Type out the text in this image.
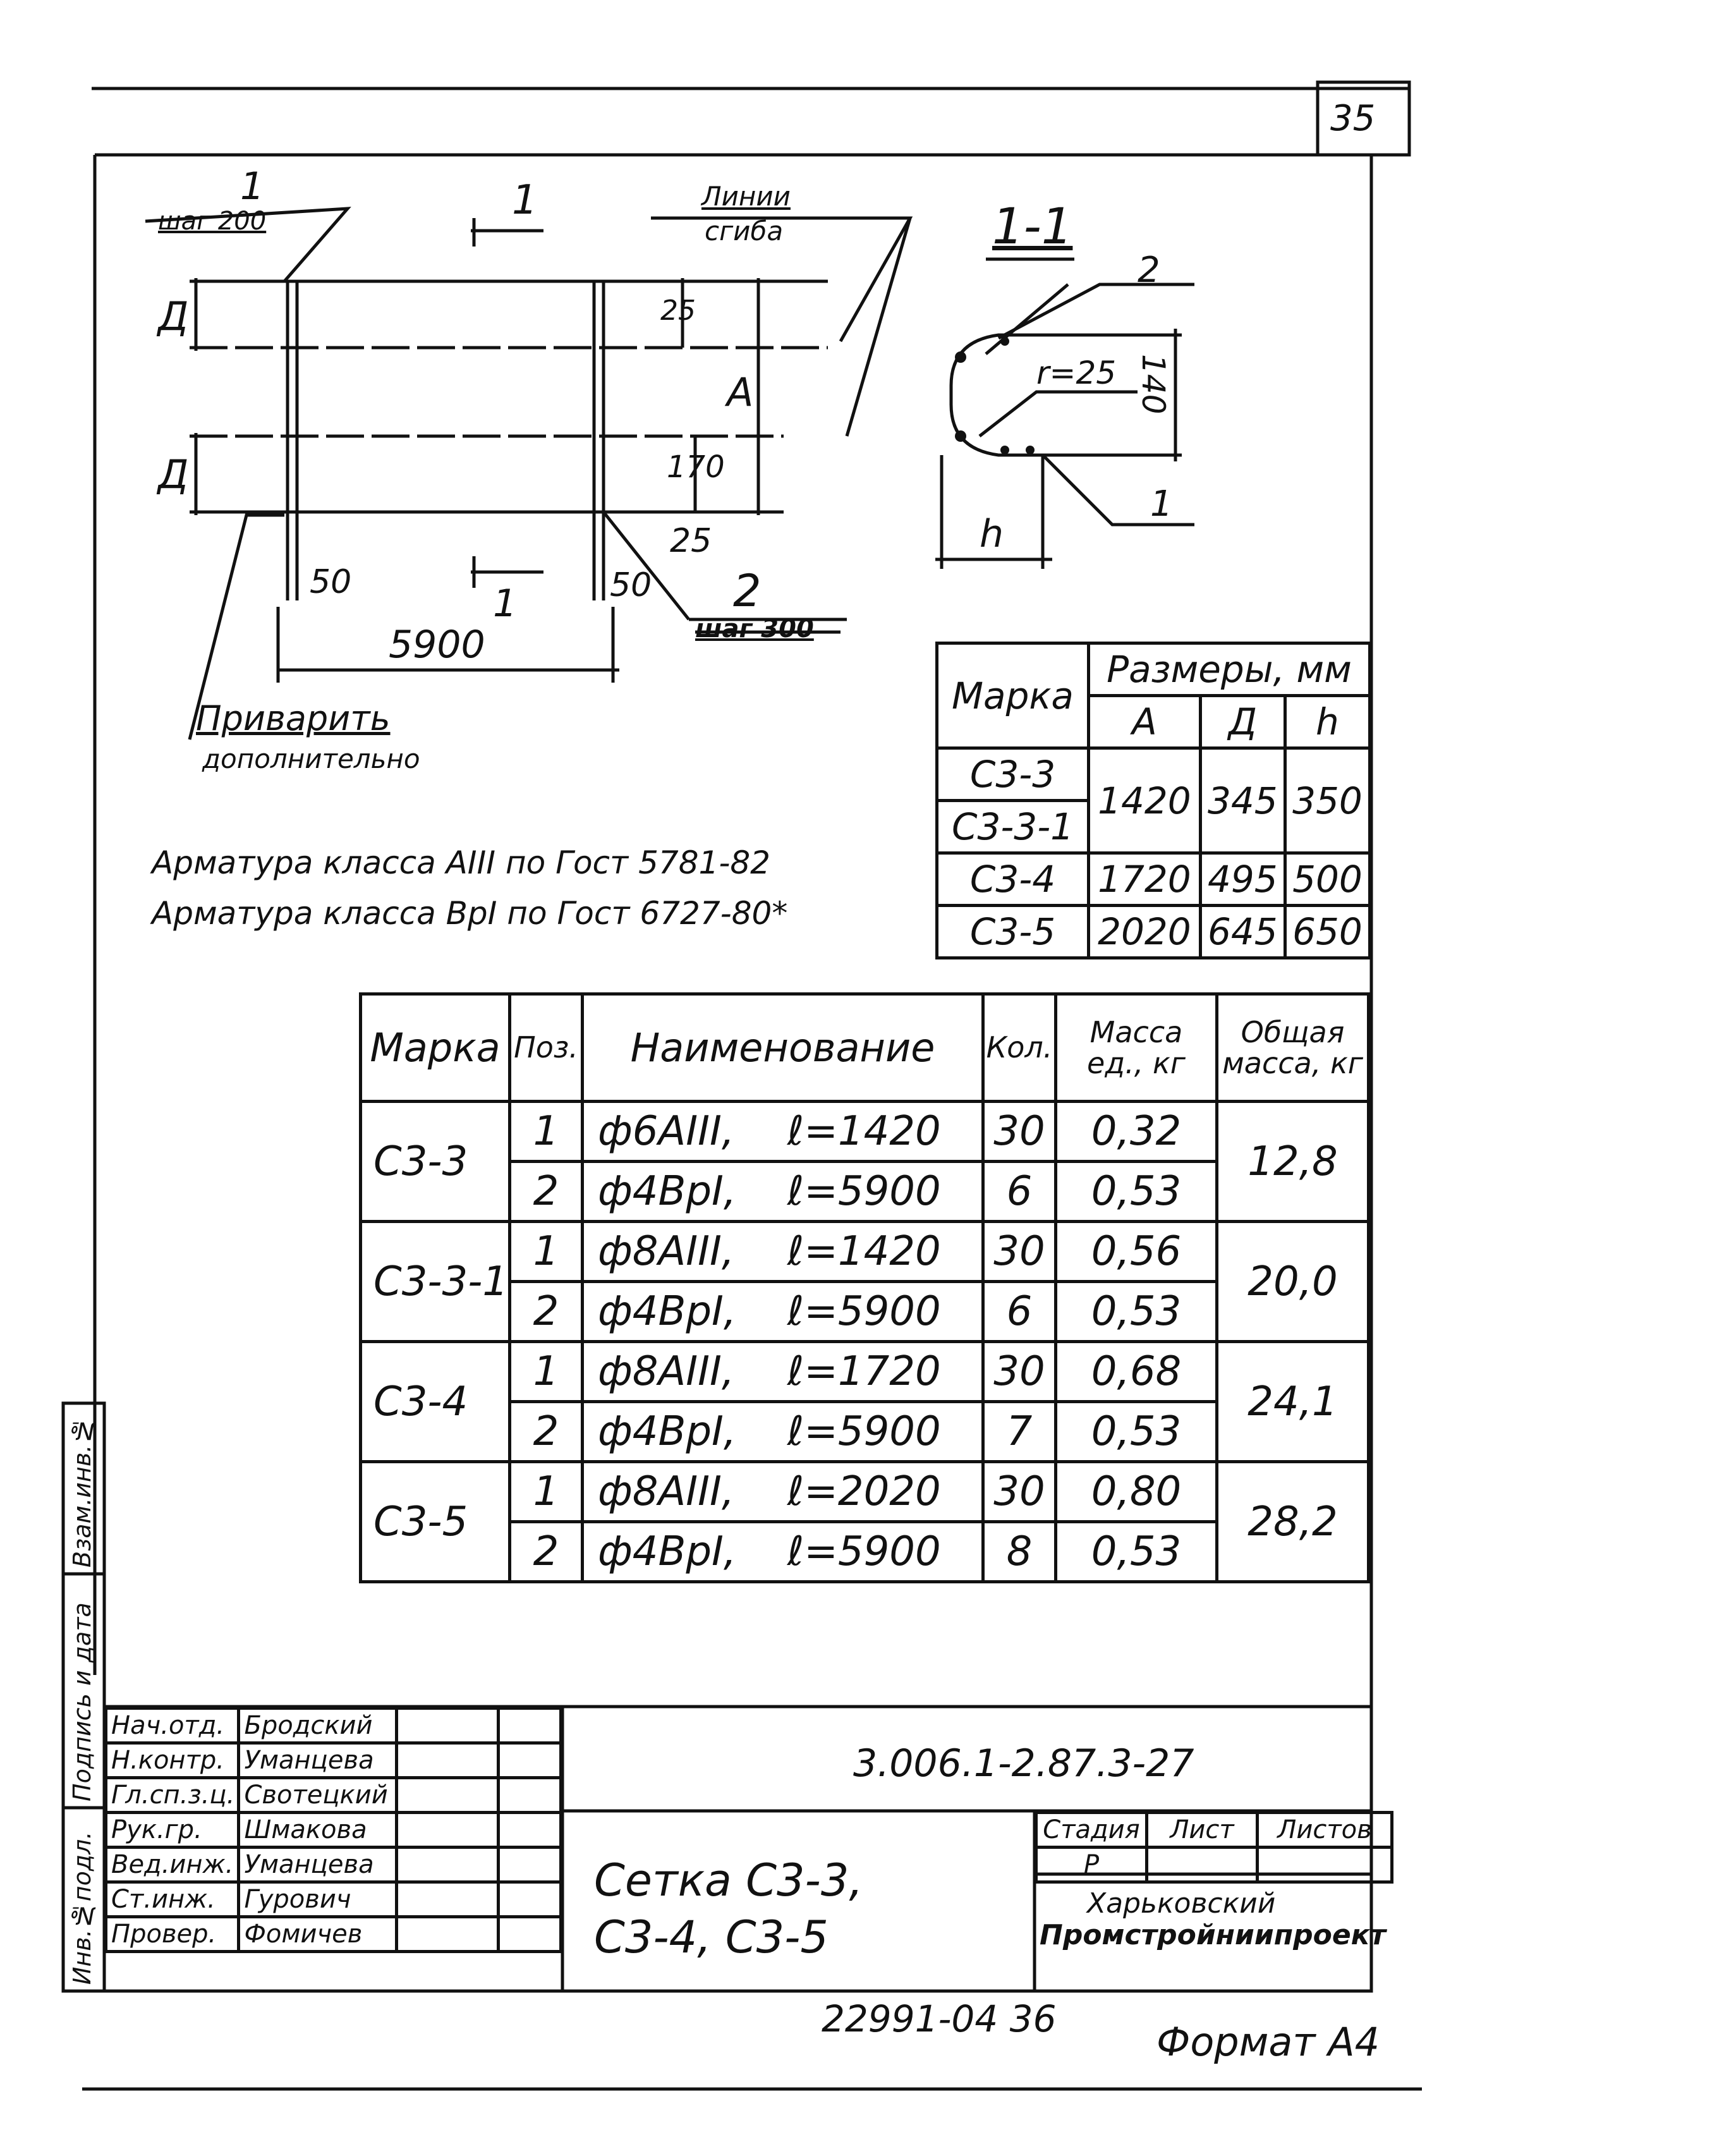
35
1
шаг 200	1	Линии
сгиба	1-1
Д
Д
А
25
170
25
50	50
1
5900
2
шаг 300
Приварить
дополнительно
2
r=25 140
1
h
Арматура класса АIII по Гост 5781-82
Арматура класса ВрI по Гост 6727-80*
Марка	Размеры, мм		
	А	Д	h
С3-3	1420	345	350
С3-3-1			
С3-4	1720	495	500
С3-5	2020	645	650
Марка	Поз.	Наименование		Кол.	Масса ед., кг	Общая масса, кг
С3-3	1	ф6АIII,	ℓ=1420	30	0,32	12,8
	2	ф4ВрI,	ℓ=5900	6	0,53	
С3-3-1	1	ф8АIII,	ℓ=1420	30	0,56	20,0
	2	ф4ВрI,	ℓ=5900	6	0,53	
С3-4	1	ф8АIII,	ℓ=1720	30	0,68	24,1
	2	ф4ВрI,	ℓ=5900	7	0,53	
С3-5	1	ф8АIII,	ℓ=2020	30	0,80	28,2
	2	ф4ВрI,	ℓ=5900	8	0,53	
Инв.№подл.
Подпись и дата
Взам.инв.№
Нач.отд.	Бродский		
Н.контр.	Уманцева		
Гл.сп.з.ц.	Свотецкий		
Рук.гр.	Шмакова		
Вед.инж.	Уманцева		
Ст.инж.	Гурович		
Провер.	Фомичев		
3.006.1-2.87.3-27
Сетка С3-3,
С3-4, С3-5
Стадия	Лист	Листов
Р		
Харьковский
Промстройниипроект
22991-04 36	Формат А4
